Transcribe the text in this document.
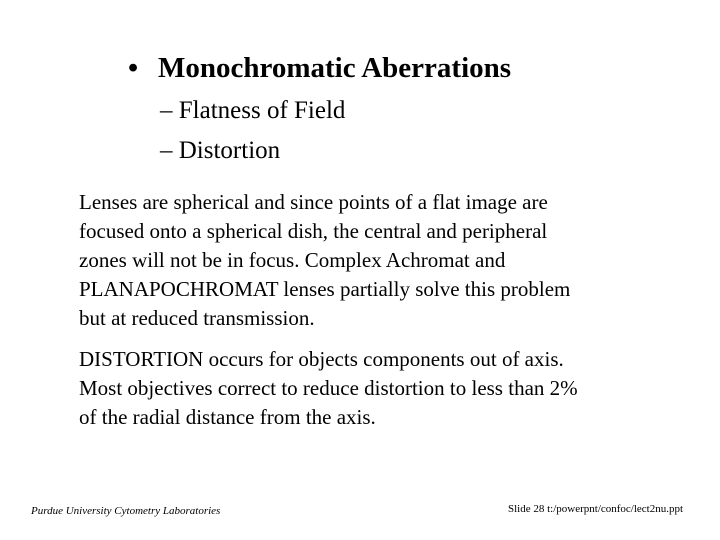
• Monochromatic Aberrations
– Flatness of Field
– Distortion
Lenses are spherical and since points of a flat image are
focused onto a spherical dish, the central and peripheral
zones will not be in focus. Complex Achromat and
PLANAPOCHROMAT lenses partially solve this problem
but at reduced transmission.
DISTORTION occurs for objects components out of axis.
Most objectives correct to reduce distortion to less than 2%
of the radial distance from the axis.
Purdue University Cytometry Laboratories	Slide 28 t:/powerpnt/confoc/lect2nu.ppt
